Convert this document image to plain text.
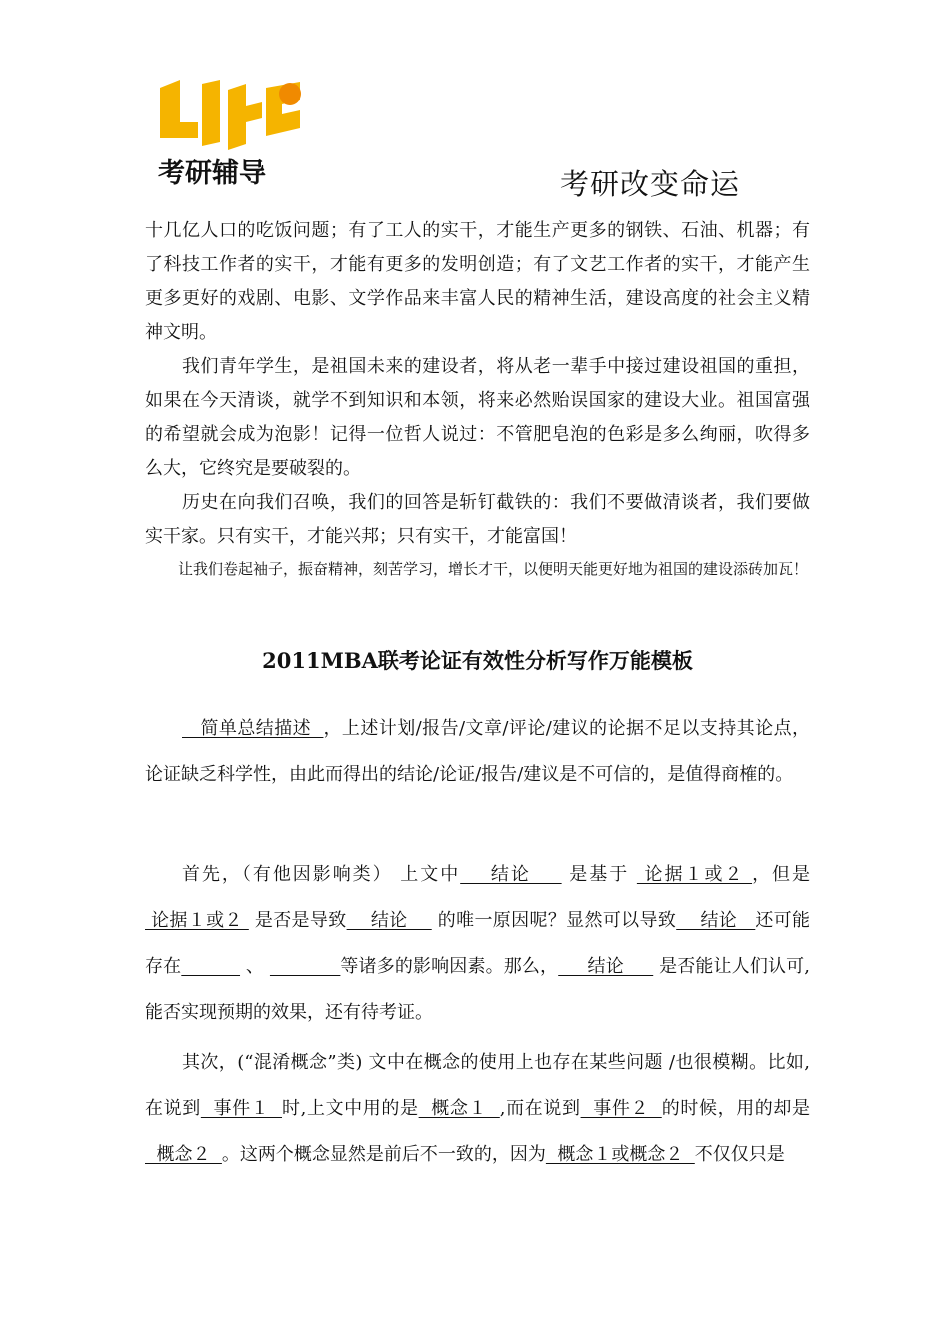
考研辅导	考研改变命运

十几亿人口的吃饭问题；有了工人的实干，才能生产更多的钢铁、石油、机器；有了科技工作者的实干，才能有更多的发明创造；有了文艺工作者的实干，才能产生更多更好的戏剧、电影、文学作品来丰富人民的精神生活，建设高度的社会主义精神文明。

我们青年学生，是祖国未来的建设者，将从老一辈手中接过建设祖国的重担，如果在今天清谈，就学不到知识和本领，将来必然贻误国家的建设大业。祖国富强的希望就会成为泡影！记得一位哲人说过：不管肥皂泡的色彩是多么绚丽，吹得多么大，它终究是要破裂的。

历史在向我们召唤，我们的回答是斩钉截铁的：我们不要做清谈者，我们要做实干家。只有实干，才能兴邦；只有实干，才能富国！

让我们卷起袖子，振奋精神，刻苦学习，增长才干，以便明天能更好地为祖国的建设添砖加瓦！

2011MBA联考论证有效性分析写作万能模板

简单总结描述  ，上述计划/报告/文章/评论/建议的论据不足以支持其论点，论证缺乏科学性，由此而得出的结论/论证/报告/建议是不可信的，是值得商榷的。

首先，（有他因影响类） 上文中    结论     是基于  论据１或２ ，但是 论据１或２  是否是导致    结论     的唯一原因呢？显然可以导致    结论   还可能存在	、	等诸多的影响因素。那么，     结论      是否能让人们认可,能否实现预期的效果，还有待考证。

其次，(“混淆概念”类) 文中在概念的使用上也存在某些问题 /也很模糊。比如,在说到  事件１  时,上文中用的是  概念１  ,而在说到  事件２  的时候，用的却是  概念２  。这两个概念显然是前后不一致的，因为  概念１或概念２  不仅仅只是
